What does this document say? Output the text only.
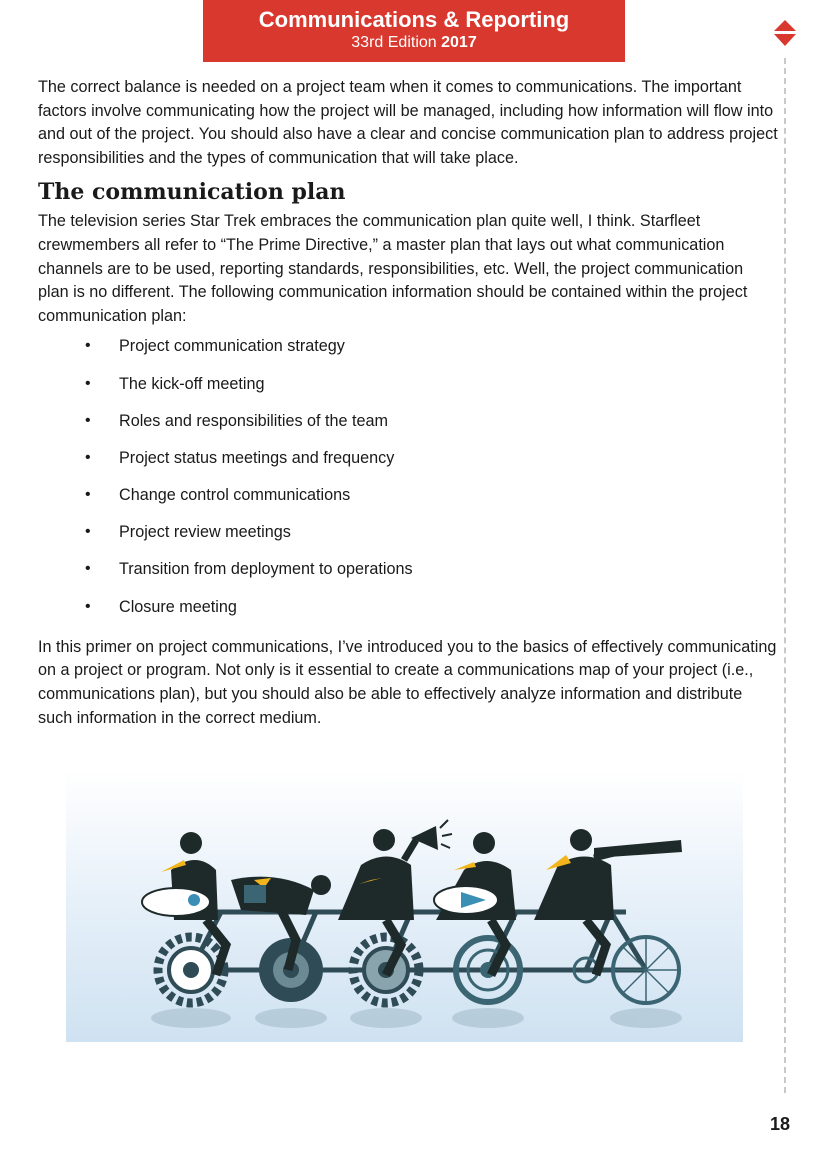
Communications & Reporting
33rd Edition 2017

The correct balance is needed on a project team when it comes to communications. The important factors involve communicating how the project will be managed, including how information will flow into and out of the project. You should also have a clear and concise communication plan to address project responsibilities and the types of communication that will take place.

The communication plan

The television series Star Trek embraces the communication plan quite well, I think. Starfleet crewmembers all refer to “The Prime Directive,” a master plan that lays out what communication channels are to be used, reporting standards, responsibilities, etc. Well, the project communication plan is no different. The following communication information should be contained within the project communication plan:

• Project communication strategy
• The kick-off meeting
• Roles and responsibilities of the team
• Project status meetings and frequency
• Change control communications
• Project review meetings
• Transition from deployment to operations
• Closure meeting

In this primer on project communications, I’ve introduced you to the basics of effectively communicating on a project or program. Not only is it essential to create a communications map of your project (i.e., communications plan), but you should also be able to effectively analyze information and distribute such information in the correct medium.

18
